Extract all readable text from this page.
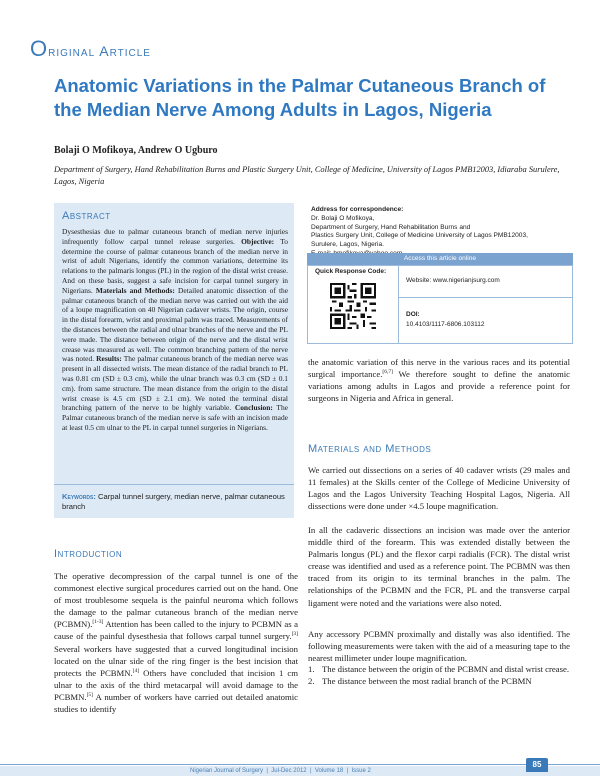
Original Article
Anatomic Variations in the Palmar Cutaneous Branch of the Median Nerve Among Adults in Lagos, Nigeria
Bolaji O Mofikoya, Andrew O Ugburo
Department of Surgery, Hand Rehabilitation Burns and Plastic Surgery Unit, College of Medicine, University of Lagos PMB12003, Idiaraba Surulere, Lagos, Nigeria
Abstract
Dysesthesias due to palmar cutaneous branch of median nerve injuries infrequently follow carpal tunnel release surgeries. Objective: To determine the course of palmar cutaneous branch of the median nerve in wrist of adult Nigerians, identify the common variations, determine its relations to the palmaris longus (PL) in the region of the distal wrist crease. And on these basis, suggest a safe incision for carpal tunnel surgery in Nigerians. Materials and Methods: Detailed anatomic dissection of the palmar cutaneous branch of the median nerve was carried out with the aid of a loupe magnification on 40 Nigerian cadaver wrists. The origin, course in the distal forearm, wrist and proximal palm was traced. Measurements of the distances between the radial and ulnar branches of the nerve and the PL were made. The distance between origin of the nerve and the distal wrist crease was measured as well. The common branching pattern of the nerve was noted. Results: The palmar cutaneous branch of the median nerve was present in all dissected wrists. The mean distance of the radial branch to PL was 0.81 cm (SD ± 0.3 cm), while the ulnar branch was 0.3 cm (SD ± 0.1 cm). from same structure. The mean distance from the origin to the distal wrist crease is 4.5 cm (SD ± 2.1 cm). We noted the terminal distal branching pattern of the nerve to be highly variable. Conclusion: The Palmar cutaneous branch of the median nerve is safe with an incision made at least 0.5 cm ulnar to the PL in carpal tunnel surgeries in Nigerians.
Keywords: Carpal tunnel surgery, median nerve, palmar cutaneous branch
Address for correspondence:
Dr. Bolaji O Mofikoya,
Department of Surgery, Hand Rehabilitation Burns and
Plastics Surgery Unit, College of Medicine University of Lagos PMB12003,
Surulere, Lagos, Nigeria.
Access this article online
Quick Response Code:
Website: www.nigerianjsurg.com
DOI:
10.4103/1117-6806.103112
the anatomic variation of this nerve in the various races and its potential surgical importance.[6,7] We therefore sought to define the anatomic variations among adults in Lagos and provide a reference point for surgeons in Nigeria and Africa in general.
Materials and Methods
We carried out dissections on a series of 40 cadaver wrists (29 males and 11 females) at the Skills center of the College of Medicine University of Lagos and the Lagos University Teaching Hospital Lagos, Nigeria. All dissections were done under ×4.5 loupe magnification.
In all the cadaveric dissections an incision was made over the anterior middle third of the forearm. This was extended distally between the Palmaris longus (PL) and the flexor carpi radialis (FCR). The distal wrist crease was identified and used as a reference point. The PCBMN was then traced from its origin to its terminal branches in the palm. The relationships of the PCBMN and the FCR, PL and the transverse carpal ligament were noted and the variations were also noted.
Any accessory PCBMN proximally and distally was also identified. The following measurements were taken with the aid of a measuring tape to the nearest millimeter under loupe magnification.
1. The distance between the origin of the PCBMN and distal wrist crease.
2. The distance between the most radial branch of the PCBMN
Introduction
The operative decompression of the carpal tunnel is one of the commonest elective surgical procedures carried out on the hand. One of most troublesome sequela is the painful neuroma which follows the damage to the palmar cutaneous branch of the median nerve (PCBMN).[1-3] Attention has been called to the injury to PCBMN as a cause of the painful dysesthesia that follows carpal tunnel surgery.[3] Several workers have suggested that a curved longitudinal incision located on the ulnar side of the ring finger is the best incision that protects the PCBMN.[4] Others have concluded that incision 1 cm ulnar to the axis of the third metacarpal will avoid damage to the PCBMN.[5] A number of workers have carried out detailed anatomic studies to identify
Nigerian Journal of Surgery  |  Jul-Dec 2012  |  Volume 18  |  Issue 2
85
